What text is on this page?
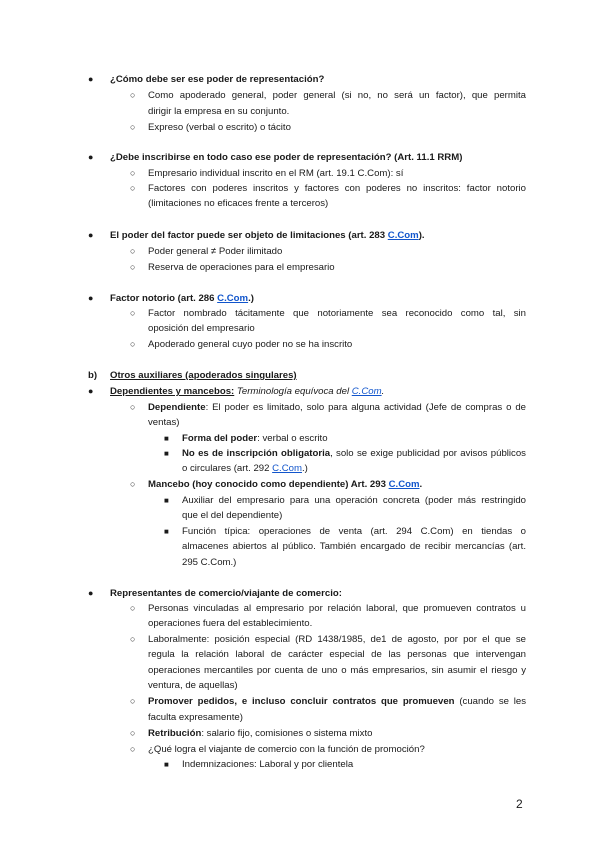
● ¿Cómo debe ser ese poder de representación?
○ Como apoderado general, poder general (si no, no será un factor), que permita
dirigir la empresa en su conjunto.
○ Expreso (verbal o escrito) o tácito
● ¿Debe inscribirse en todo caso ese poder de representación? (Art. 11.1 RRM)
○ Empresario individual inscrito en el RM (art. 19.1 C.Com): sí
○ Factores con poderes inscritos y factores con poderes no inscritos: factor notorio
(limitaciones no eficaces frente a terceros)
● El poder del factor puede ser objeto de limitaciones (art. 283 C.Com).
○ Poder general ≠ Poder ilimitado
○ Reserva de operaciones para el empresario
● Factor notorio (art. 286 C.Com.)
○ Factor nombrado tácitamente que notoriamente sea reconocido como tal, sin
oposición del empresario
○ Apoderado general cuyo poder no se ha inscrito
b) Otros auxiliares (apoderados singulares)
● Dependientes y mancebos: Terminología equívoca del C.Com.
○ Dependiente: El poder es limitado, solo para alguna actividad (Jefe de compras o de
ventas)
■ Forma del poder: verbal o escrito
■ No es de inscripción obligatoria, solo se exige publicidad por avisos públicos
o circulares (art. 292 C.Com.)
○ Mancebo (hoy conocido como dependiente) Art. 293 C.Com.
■ Auxiliar del empresario para una operación concreta (poder más restringido
que el del dependiente)
■ Función típica: operaciones de venta (art. 294 C.Com) en tiendas o
almacenes abiertos al público. También encargado de recibir mercancías (art.
295 C.Com.)
● Representantes de comercio/viajante de comercio:
○ Personas vinculadas al empresario por relación laboral, que promueven contratos u
operaciones fuera del establecimiento.
○ Laboralmente: posición especial (RD 1438/1985, de1 de agosto, por por el que se
regula la relación laboral de carácter especial de las personas que intervengan
operaciones mercantiles por cuenta de uno o más empresarios, sin asumir el riesgo y
ventura, de aquellas)
○ Promover pedidos, e incluso concluir contratos que promueven (cuando se les
faculta expresamente)
○ Retribución: salario fijo, comisiones o sistema mixto
○ ¿Qué logra el viajante de comercio con la función de promoción?
■ Indemnizaciones: Laboral y por clientela
2
